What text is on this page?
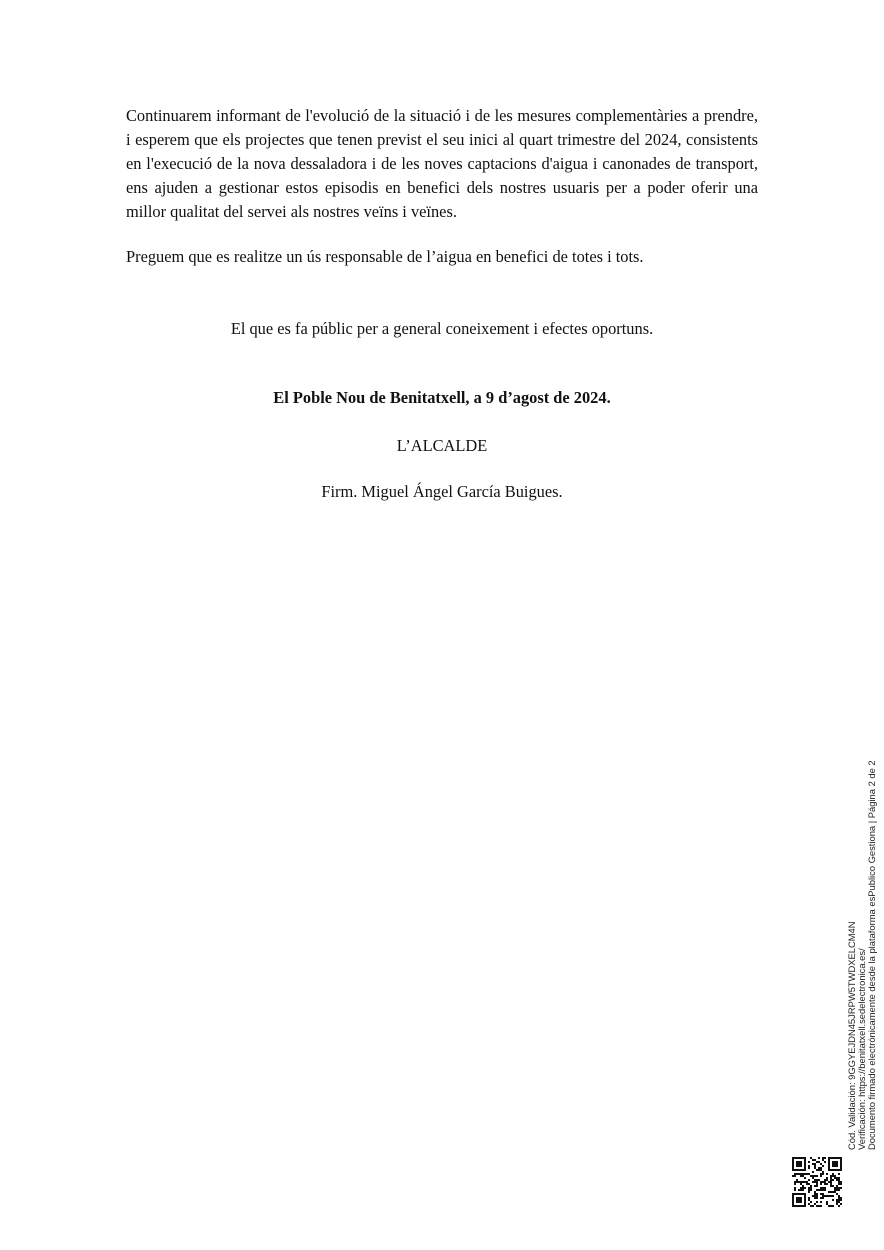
Continuarem informant de l'evolució de la situació i de les mesures complementàries a prendre, i esperem que els projectes que tenen previst el seu inici al quart trimestre del 2024, consistents en l'execució de la nova dessaladora i de les noves captacions d'aigua i canonades de transport, ens ajuden a gestionar estos episodis en benefici dels nostres usuaris per a poder oferir una millor qualitat del servei als nostres veïns i veïnes.

Preguem que es realitze un ús responsable de l’aigua en benefici de totes i tots.

El que es fa públic per a general coneixement i efectes oportuns.

El Poble Nou de Benitatxell, a 9 d’agost de 2024.

L’ALCALDE

Firm. Miguel Ángel García Buigues.

Cód. Validación: 9GGYEJDN45JRPW5TWDXELCM4N Verificación: https://benitatxell.sedelectronica.es/ Documento firmado electrónicamente desde la plataforma esPublico Gestiona | Página 2 de 2
